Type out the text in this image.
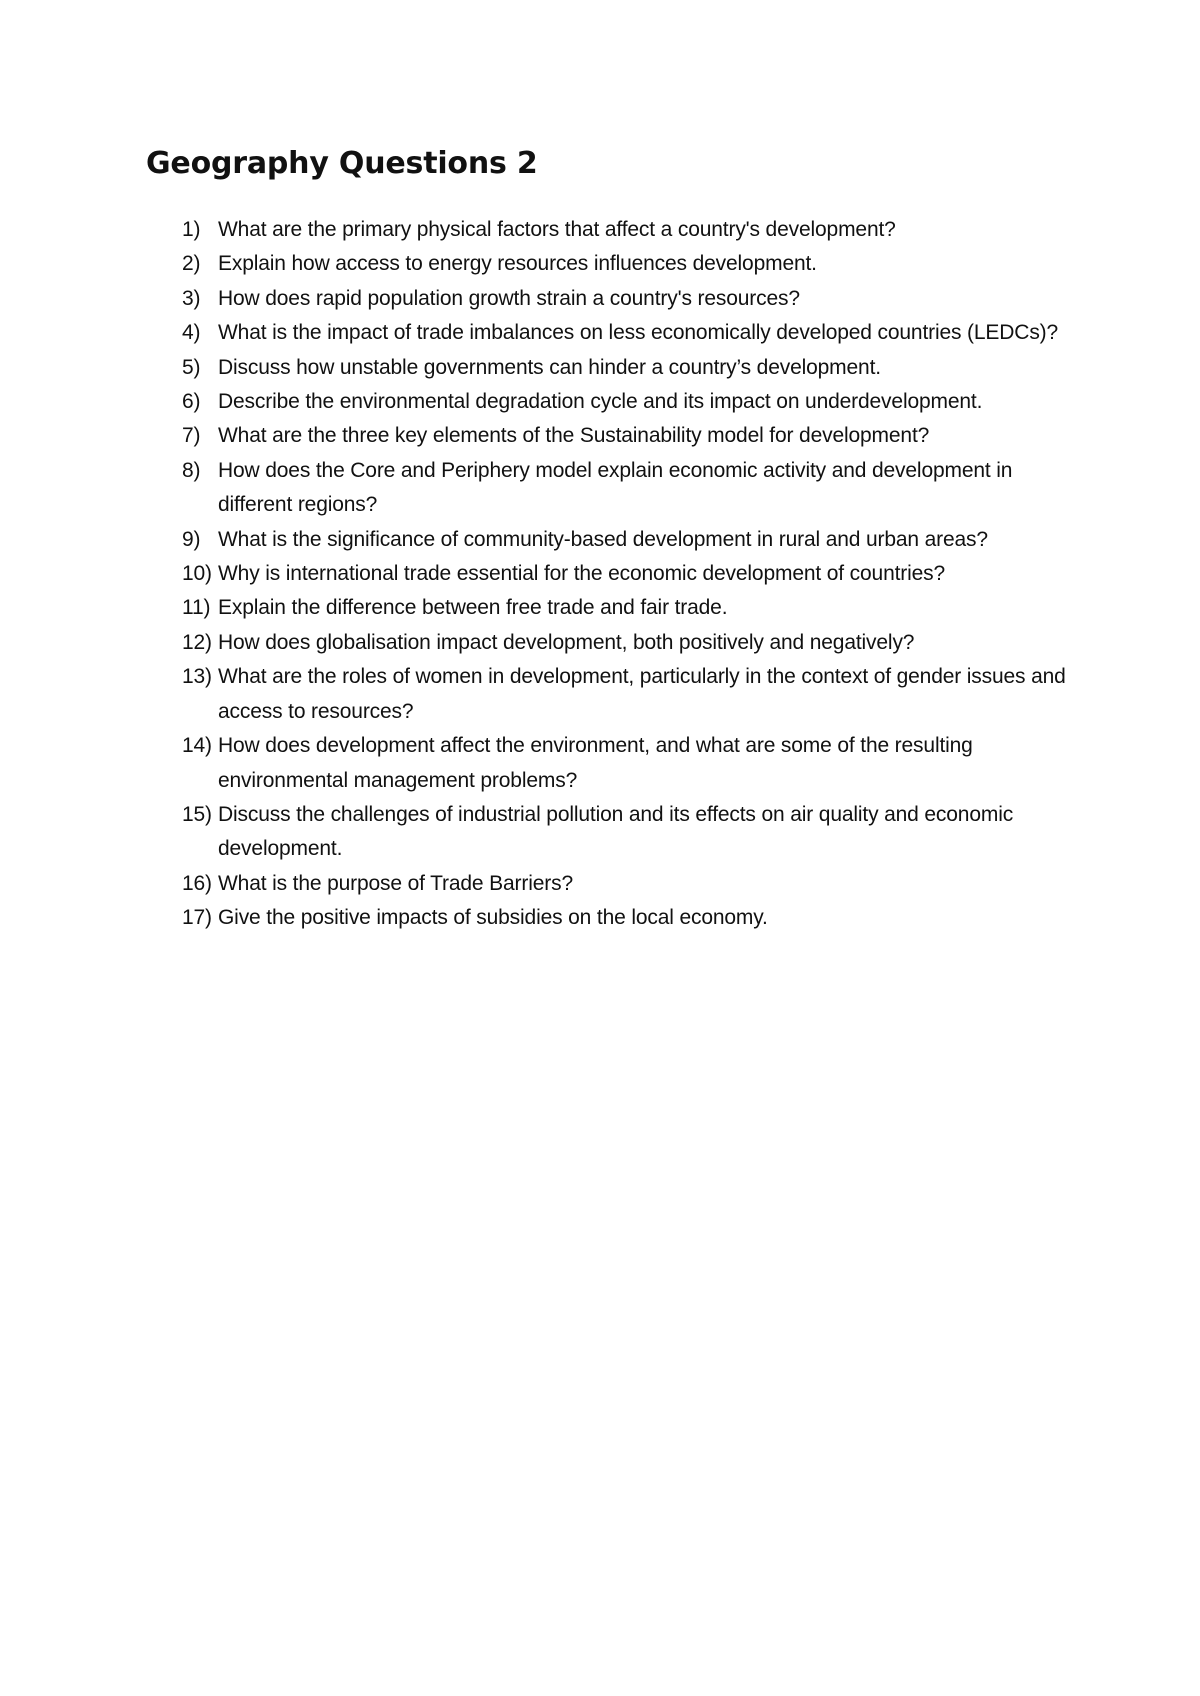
Geography Questions 2
1) What are the primary physical factors that affect a country's development?
2) Explain how access to energy resources influences development.
3) How does rapid population growth strain a country's resources?
4) What is the impact of trade imbalances on less economically developed countries (LEDCs)?
5) Discuss how unstable governments can hinder a country’s development.
6) Describe the environmental degradation cycle and its impact on underdevelopment.
7) What are the three key elements of the Sustainability model for development?
8) How does the Core and Periphery model explain economic activity and development in different regions?
9) What is the significance of community-based development in rural and urban areas?
10) Why is international trade essential for the economic development of countries?
11) Explain the difference between free trade and fair trade.
12) How does globalisation impact development, both positively and negatively?
13) What are the roles of women in development, particularly in the context of gender issues and access to resources?
14) How does development affect the environment, and what are some of the resulting environmental management problems?
15) Discuss the challenges of industrial pollution and its effects on air quality and economic development.
16) What is the purpose of Trade Barriers?
17) Give the positive impacts of subsidies on the local economy.
